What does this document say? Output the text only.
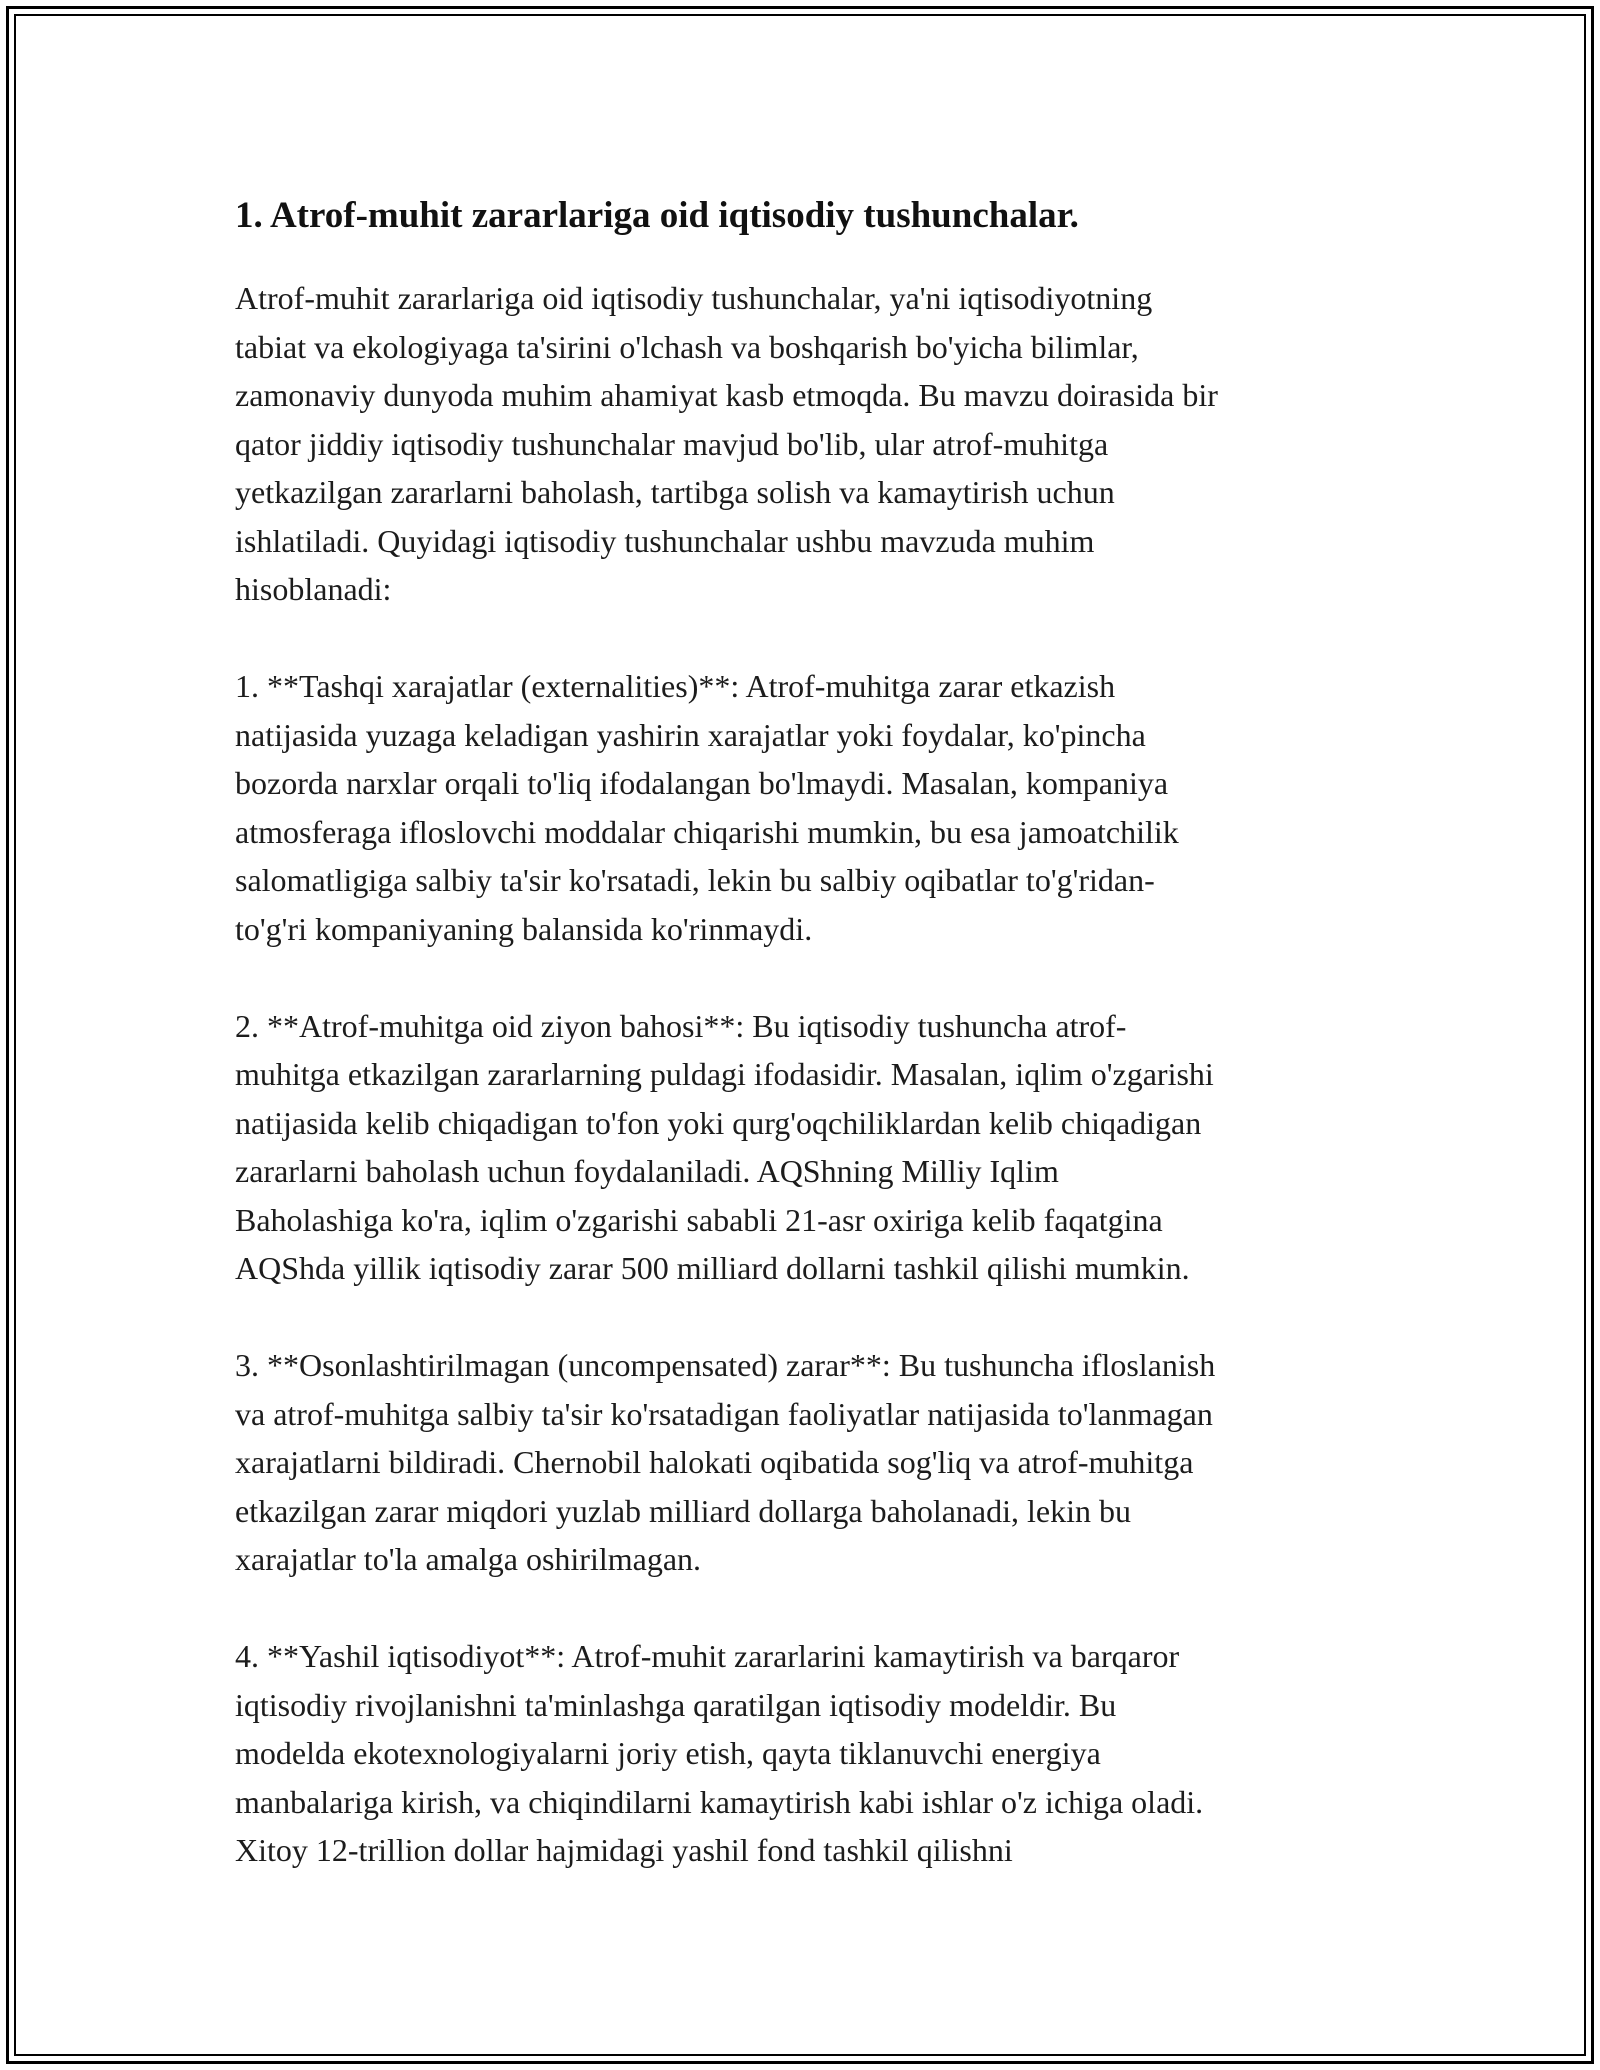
1. Atrof-muhit zararlariga oid iqtisodiy tushunchalar.

Atrof-muhit zararlariga oid iqtisodiy tushunchalar, ya'ni iqtisodiyotning
tabiat va ekologiyaga ta'sirini o'lchash va boshqarish bo'yicha bilimlar,
zamonaviy dunyoda muhim ahamiyat kasb etmoqda. Bu mavzu doirasida bir
qator jiddiy iqtisodiy tushunchalar mavjud bo'lib, ular atrof-muhitga
yetkazilgan zararlarni baholash, tartibga solish va kamaytirish uchun
ishlatiladi. Quyidagi iqtisodiy tushunchalar ushbu mavzuda muhim
hisoblanadi:

1. **Tashqi xarajatlar (externalities)**: Atrof-muhitga zarar etkazish
natijasida yuzaga keladigan yashirin xarajatlar yoki foydalar, ko'pincha
bozorda narxlar orqali to'liq ifodalangan bo'lmaydi. Masalan, kompaniya
atmosferaga ifloslovchi moddalar chiqarishi mumkin, bu esa jamoatchilik
salomatligiga salbiy ta'sir ko'rsatadi, lekin bu salbiy oqibatlar to'g'ridan-
to'g'ri kompaniyaning balansida ko'rinmaydi.

2. **Atrof-muhitga oid ziyon bahosi**: Bu iqtisodiy tushuncha atrof-
muhitga etkazilgan zararlarning puldagi ifodasidir. Masalan, iqlim o'zgarishi
natijasida kelib chiqadigan to'fon yoki qurg'oqchiliklardan kelib chiqadigan
zararlarni baholash uchun foydalaniladi. AQShning Milliy Iqlim
Baholashiga ko'ra, iqlim o'zgarishi sababli 21-asr oxiriga kelib faqatgina
AQShda yillik iqtisodiy zarar 500 milliard dollarni tashkil qilishi mumkin.

3. **Osonlashtirilmagan (uncompensated) zarar**: Bu tushuncha ifloslanish
va atrof-muhitga salbiy ta'sir ko'rsatadigan faoliyatlar natijasida to'lanmagan
xarajatlarni bildiradi. Chernobil halokati oqibatida sog'liq va atrof-muhitga
etkazilgan zarar miqdori yuzlab milliard dollarga baholanadi, lekin bu
xarajatlar to'la amalga oshirilmagan.

4. **Yashil iqtisodiyot**: Atrof-muhit zararlarini kamaytirish va barqaror
iqtisodiy rivojlanishni ta'minlashga qaratilgan iqtisodiy modeldir. Bu
modelda ekotexnologiyalarni joriy etish, qayta tiklanuvchi energiya
manbalariga kirish, va chiqindilarni kamaytirish kabi ishlar o'z ichiga oladi.
Xitoy 12-trillion dollar hajmidagi yashil fond tashkil qilishni
